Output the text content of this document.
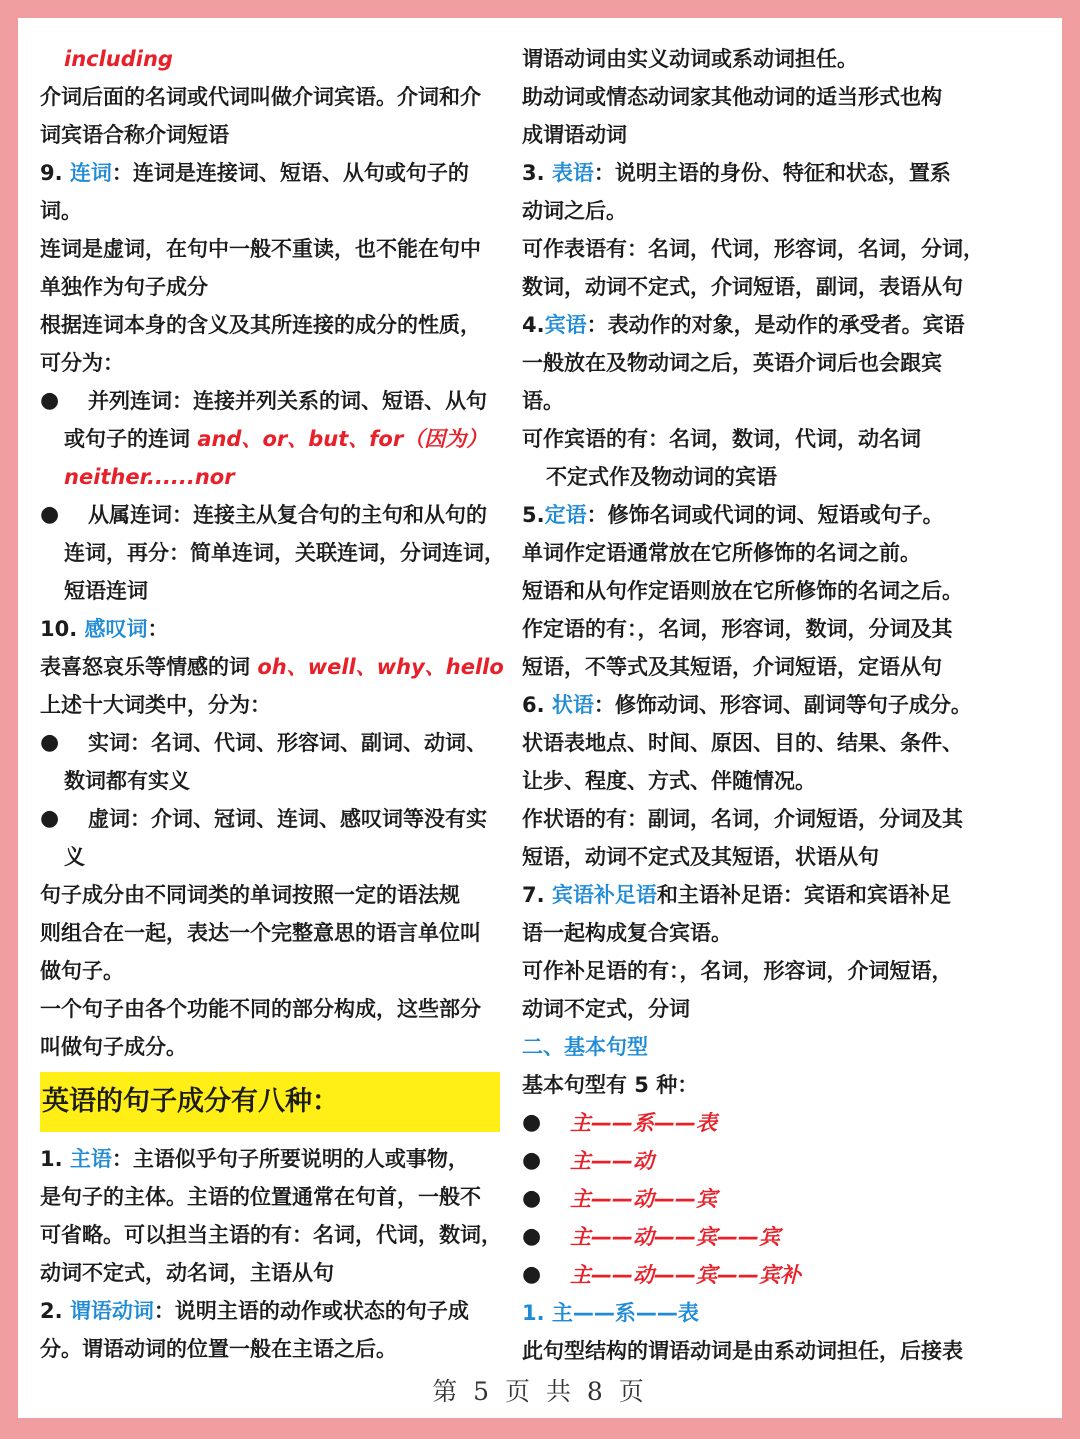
including
介词后面的名词或代词叫做介词宾语。介词和介
词宾语合称介词短语
9. 连词：连词是连接词、短语、从句或句子的
词。
连词是虚词，在句中一般不重读，也不能在句中
单独作为句子成分
根据连词本身的含义及其所连接的成分的性质，
可分为：
● 并列连词：连接并列关系的词、短语、从句
或句子的连词 and、or、but、for（因为）
neither......nor
● 从属连词：连接主从复合句的主句和从句的
连词，再分：简单连词，关联连词，分词连词，
短语连词
10. 感叹词：
表喜怒哀乐等情感的词 oh、well、why、hello
上述十大词类中，分为：
● 实词：名词、代词、形容词、副词、动词、
数词都有实义
● 虚词：介词、冠词、连词、感叹词等没有实
义
句子成分由不同词类的单词按照一定的语法规
则组合在一起，表达一个完整意思的语言单位叫
做句子。
一个句子由各个功能不同的部分构成，这些部分
叫做句子成分。
英语的句子成分有八种：
1. 主语：主语似乎句子所要说明的人或事物，
是句子的主体。主语的位置通常在句首，一般不
可省略。可以担当主语的有：名词，代词，数词，
动词不定式，动名词，主语从句
2. 谓语动词：说明主语的动作或状态的句子成
分。谓语动词的位置一般在主语之后。
谓语动词由实义动词或系动词担任。
助动词或情态动词家其他动词的适当形式也构
成谓语动词
3. 表语：说明主语的身份、特征和状态，置系
动词之后。
可作表语有：名词，代词，形容词，名词，分词，
数词，动词不定式，介词短语，副词，表语从句
4.宾语：表动作的对象，是动作的承受者。宾语
一般放在及物动词之后，英语介词后也会跟宾
语。
可作宾语的有：名词，数词，代词，动名词
不定式作及物动词的宾语
5.定语：修饰名词或代词的词、短语或句子。
单词作定语通常放在它所修饰的名词之前。
短语和从句作定语则放在它所修饰的名词之后。
作定语的有：，名词，形容词，数词，分词及其
短语，不等式及其短语，介词短语，定语从句
6. 状语：修饰动词、形容词、副词等句子成分。
状语表地点、时间、原因、目的、结果、条件、
让步、程度、方式、伴随情况。
作状语的有：副词，名词，介词短语，分词及其
短语，动词不定式及其短语，状语从句
7. 宾语补足语和主语补足语：宾语和宾语补足
语一起构成复合宾语。
可作补足语的有：，名词，形容词，介词短语，
动词不定式，分词
二、基本句型
基本句型有 5 种：
● 主——系——表
● 主——动
● 主——动——宾
● 主——动——宾——宾
● 主——动——宾——宾补
1. 主——系——表
此句型结构的谓语动词是由系动词担任，后接表
第 5 页 共 8 页
